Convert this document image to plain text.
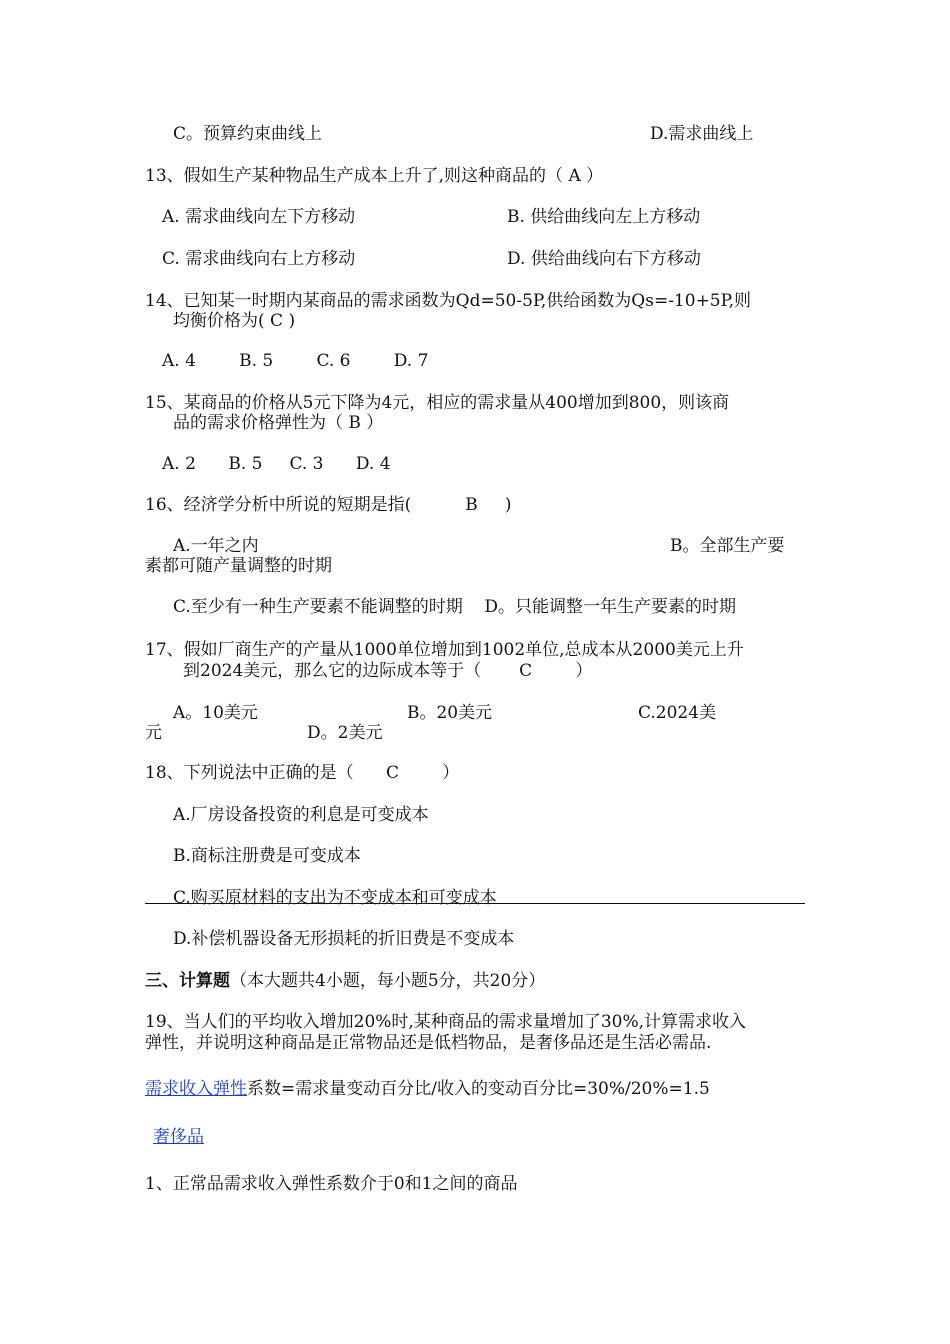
C。预算约束曲线上	D.需求曲线上
13、假如生产某种物品生产成本上升了,则这种商品的（ A ）
A. 需求曲线向左下方移动	B. 供给曲线向左上方移动
C. 需求曲线向右上方移动	D. 供给曲线向右下方移动
14、已知某一时期内某商品的需求函数为Qd=50-5P,供给函数为Qs=-10+5P,则
均衡价格为( C )
A. 4        B. 5        C. 6        D. 7
15、某商品的价格从5元下降为4元，相应的需求量从400增加到800，则该商
品的需求价格弹性为（ B ）
A. 2      B. 5     C. 3      D. 4
16、经济学分析中所说的短期是指(          B     )
A.一年之内	B。全部生产要
素都可随产量调整的时期
C.至少有一种生产要素不能调整的时期    D。只能调整一年生产要素的时期
17、假如厂商生产的产量从1000单位增加到1002单位,总成本从2000美元上升
到2024美元，那么它的边际成本等于（       C        ）
A。10美元	B。20美元	C.2024美
元	D。2美元
18、下列说法中正确的是（      C        ）
A.厂房设备投资的利息是可变成本
B.商标注册费是可变成本
C.购买原材料的支出为不变成本和可变成本
D.补偿机器设备无形损耗的折旧费是不变成本
三、计算题（本大题共4小题，每小题5分，共20分）
19、当人们的平均收入增加20%时,某种商品的需求量增加了30%,计算需求收入
弹性，并说明这种商品是正常物品还是低档物品，是奢侈品还是生活必需品.
需求收入弹性系数=需求量变动百分比/收入的变动百分比=30%/20%=1.5
奢侈品
1、正常品需求收入弹性系数介于0和1之间的商品
